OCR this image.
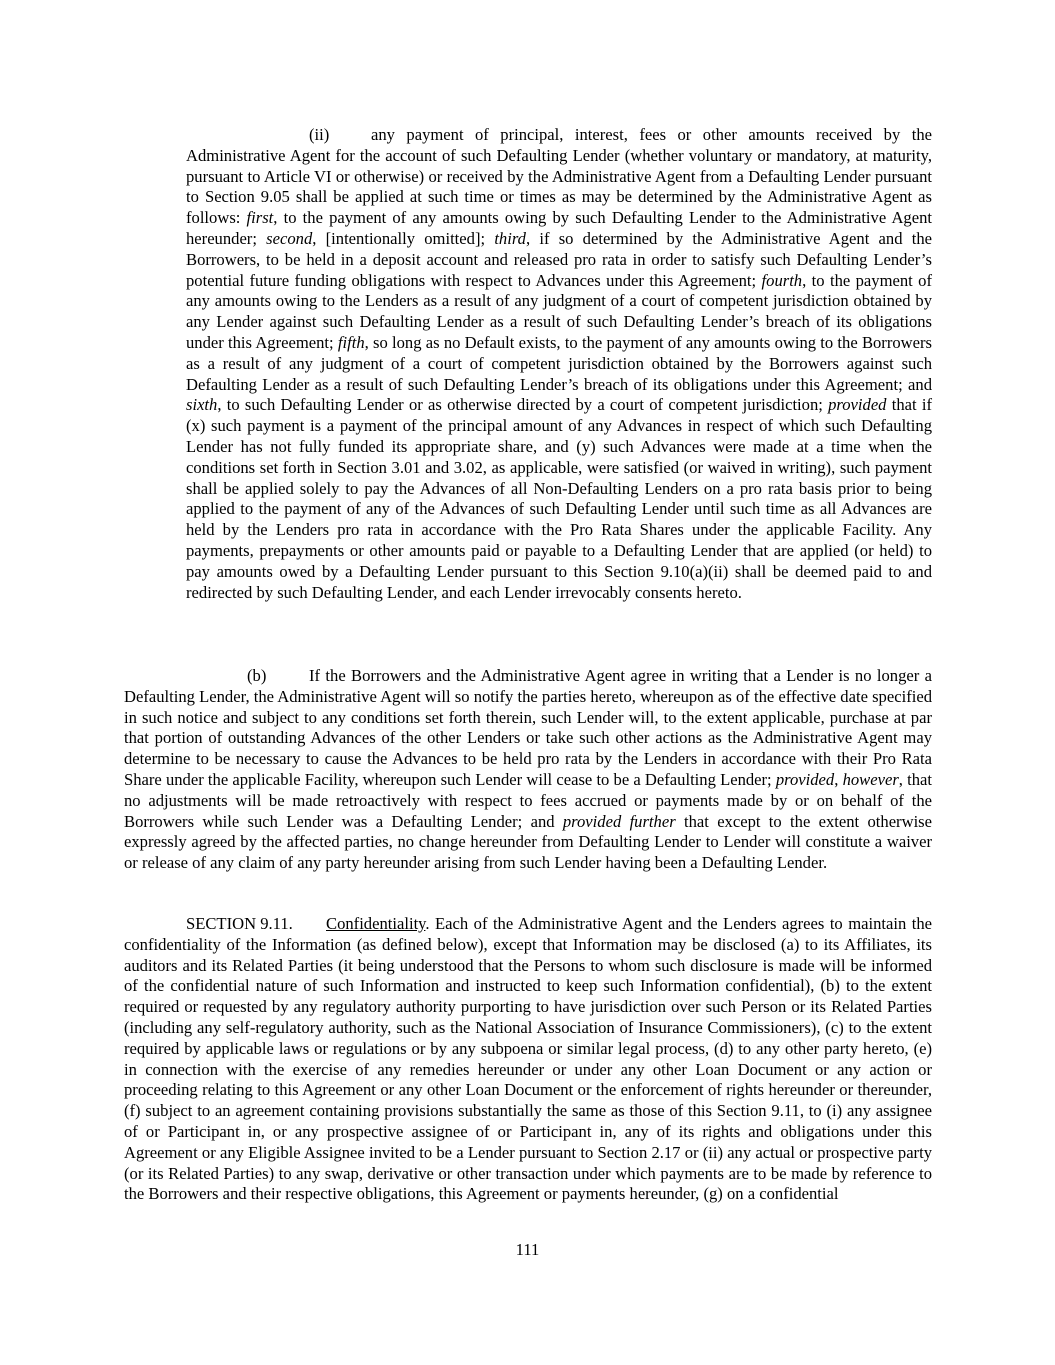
(ii)	any payment of principal, interest, fees or other amounts received by the Administrative Agent for the account of such Defaulting Lender (whether voluntary or mandatory, at maturity, pursuant to Article VI or otherwise) or received by the Administrative Agent from a Defaulting Lender pursuant to Section 9.05 shall be applied at such time or times as may be determined by the Administrative Agent as follows: first, to the payment of any amounts owing by such Defaulting Lender to the Administrative Agent hereunder; second, [intentionally omitted]; third, if so determined by the Administrative Agent and the Borrowers, to be held in a deposit account and released pro rata in order to satisfy such Defaulting Lender’s potential future funding obligations with respect to Advances under this Agreement; fourth, to the payment of any amounts owing to the Lenders as a result of any judgment of a court of competent jurisdiction obtained by any Lender against such Defaulting Lender as a result of such Defaulting Lender’s breach of its obligations under this Agreement; fifth, so long as no Default exists, to the payment of any amounts owing to the Borrowers as a result of any judgment of a court of competent jurisdiction obtained by the Borrowers against such Defaulting Lender as a result of such Defaulting Lender’s breach of its obligations under this Agreement; and sixth, to such Defaulting Lender or as otherwise directed by a court of competent jurisdiction; provided that if (x) such payment is a payment of the principal amount of any Advances in respect of which such Defaulting Lender has not fully funded its appropriate share, and (y) such Advances were made at a time when the conditions set forth in Section 3.01 and 3.02, as applicable, were satisfied (or waived in writing), such payment shall be applied solely to pay the Advances of all Non-Defaulting Lenders on a pro rata basis prior to being applied to the payment of any of the Advances of such Defaulting Lender until such time as all Advances are held by the Lenders pro rata in accordance with the Pro Rata Shares under the applicable Facility. Any payments, prepayments or other amounts paid or payable to a Defaulting Lender that are applied (or held) to pay amounts owed by a Defaulting Lender pursuant to this Section 9.10(a)(ii) shall be deemed paid to and redirected by such Defaulting Lender, and each Lender irrevocably consents hereto.

(b)	If the Borrowers and the Administrative Agent agree in writing that a Lender is no longer a Defaulting Lender, the Administrative Agent will so notify the parties hereto, whereupon as of the effective date specified in such notice and subject to any conditions set forth therein, such Lender will, to the extent applicable, purchase at par that portion of outstanding Advances of the other Lenders or take such other actions as the Administrative Agent may determine to be necessary to cause the Advances to be held pro rata by the Lenders in accordance with their Pro Rata Share under the applicable Facility, whereupon such Lender will cease to be a Defaulting Lender; provided, however, that no adjustments will be made retroactively with respect to fees accrued or payments made by or on behalf of the Borrowers while such Lender was a Defaulting Lender; and provided further that except to the extent otherwise expressly agreed by the affected parties, no change hereunder from Defaulting Lender to Lender will constitute a waiver or release of any claim of any party hereunder arising from such Lender having been a Defaulting Lender.

SECTION 9.11. Confidentiality. Each of the Administrative Agent and the Lenders agrees to maintain the confidentiality of the Information (as defined below), except that Information may be disclosed (a) to its Affiliates, its auditors and its Related Parties (it being understood that the Persons to whom such disclosure is made will be informed of the confidential nature of such Information and instructed to keep such Information confidential), (b) to the extent required or requested by any regulatory authority purporting to have jurisdiction over such Person or its Related Parties (including any self-regulatory authority, such as the National Association of Insurance Commissioners), (c) to the extent required by applicable laws or regulations or by any subpoena or similar legal process, (d) to any other party hereto, (e) in connection with the exercise of any remedies hereunder or under any other Loan Document or any action or proceeding relating to this Agreement or any other Loan Document or the enforcement of rights hereunder or thereunder, (f) subject to an agreement containing provisions substantially the same as those of this Section 9.11, to (i) any assignee of or Participant in, or any prospective assignee of or Participant in, any of its rights and obligations under this Agreement or any Eligible Assignee invited to be a Lender pursuant to Section 2.17 or (ii) any actual or prospective party (or its Related Parties) to any swap, derivative or other transaction under which payments are to be made by reference to the Borrowers and their respective obligations, this Agreement or payments hereunder, (g) on a confidential

111
